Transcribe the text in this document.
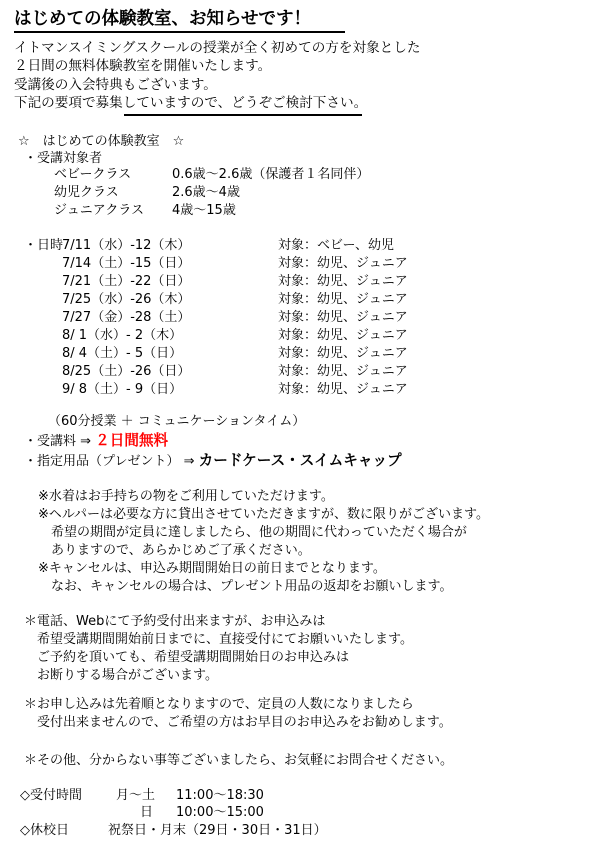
はじめての体験教室、お知らせです！
イトマンスイミングスクールの授業が全く初めての方を対象とした
２日間の無料体験教室を開催いたします。
受講後の入会特典もございます。
下記の要項で募集していますので、どうぞご検討下さい。
☆　はじめての体験教室　☆
・受講対象者
ベビークラス	0.6歳～2.6歳（保護者１名同伴）
幼児クラス	2.6歳～4歳
ジュニアクラス 4歳～15歳
・日時
7/11（水）-12（木）	対象：ベビー、幼児
7/14（土）-15（日）	対象：幼児、ジュニア
7/21（土）-22（日）	対象：幼児、ジュニア
7/25（水）-26（木）	対象：幼児、ジュニア
7/27（金）-28（土）	対象：幼児、ジュニア
8/ 1（水）- 2（木）	対象：幼児、ジュニア
8/ 4（土）- 5（日）	対象：幼児、ジュニア
8/25（土）-26（日）	対象：幼児、ジュニア
9/ 8（土）- 9（日）	対象：幼児、ジュニア
（60分授業 ＋ コミュニケーションタイム）
・受講料 ⇒ ２日間無料
・指定用品（プレゼント） ⇒ カードケース・スイムキャップ
※水着はお手持ちの物をご利用していただけます。
※ヘルパーは必要な方に貸出させていただきますが、数に限りがございます。
　希望の期間が定員に達しましたら、他の期間に代わっていただく場合が
　ありますので、あらかじめご了承ください。
※キャンセルは、申込み期間開始日の前日までとなります。
　なお、キャンセルの場合は、プレゼント用品の返却をお願いします。
＊電話、Webにて予約受付出来ますが、お申込みは
　希望受講期間開始前日までに、直接受付にてお願いいたします。
　ご予約を頂いても、希望受講期間開始日のお申込みは
　お断りする場合がございます。
＊お申し込みは先着順となりますので、定員の人数になりましたら
　受付出来ませんので、ご希望の方はお早目のお申込みをお勧めします。
＊その他、分からない事等ございましたら、お気軽にお問合せください。
◇受付時間	月～土 11:00～18:30
日 10:00～15:00
◇休校日	祝祭日・月末（29日・30日・31日）
